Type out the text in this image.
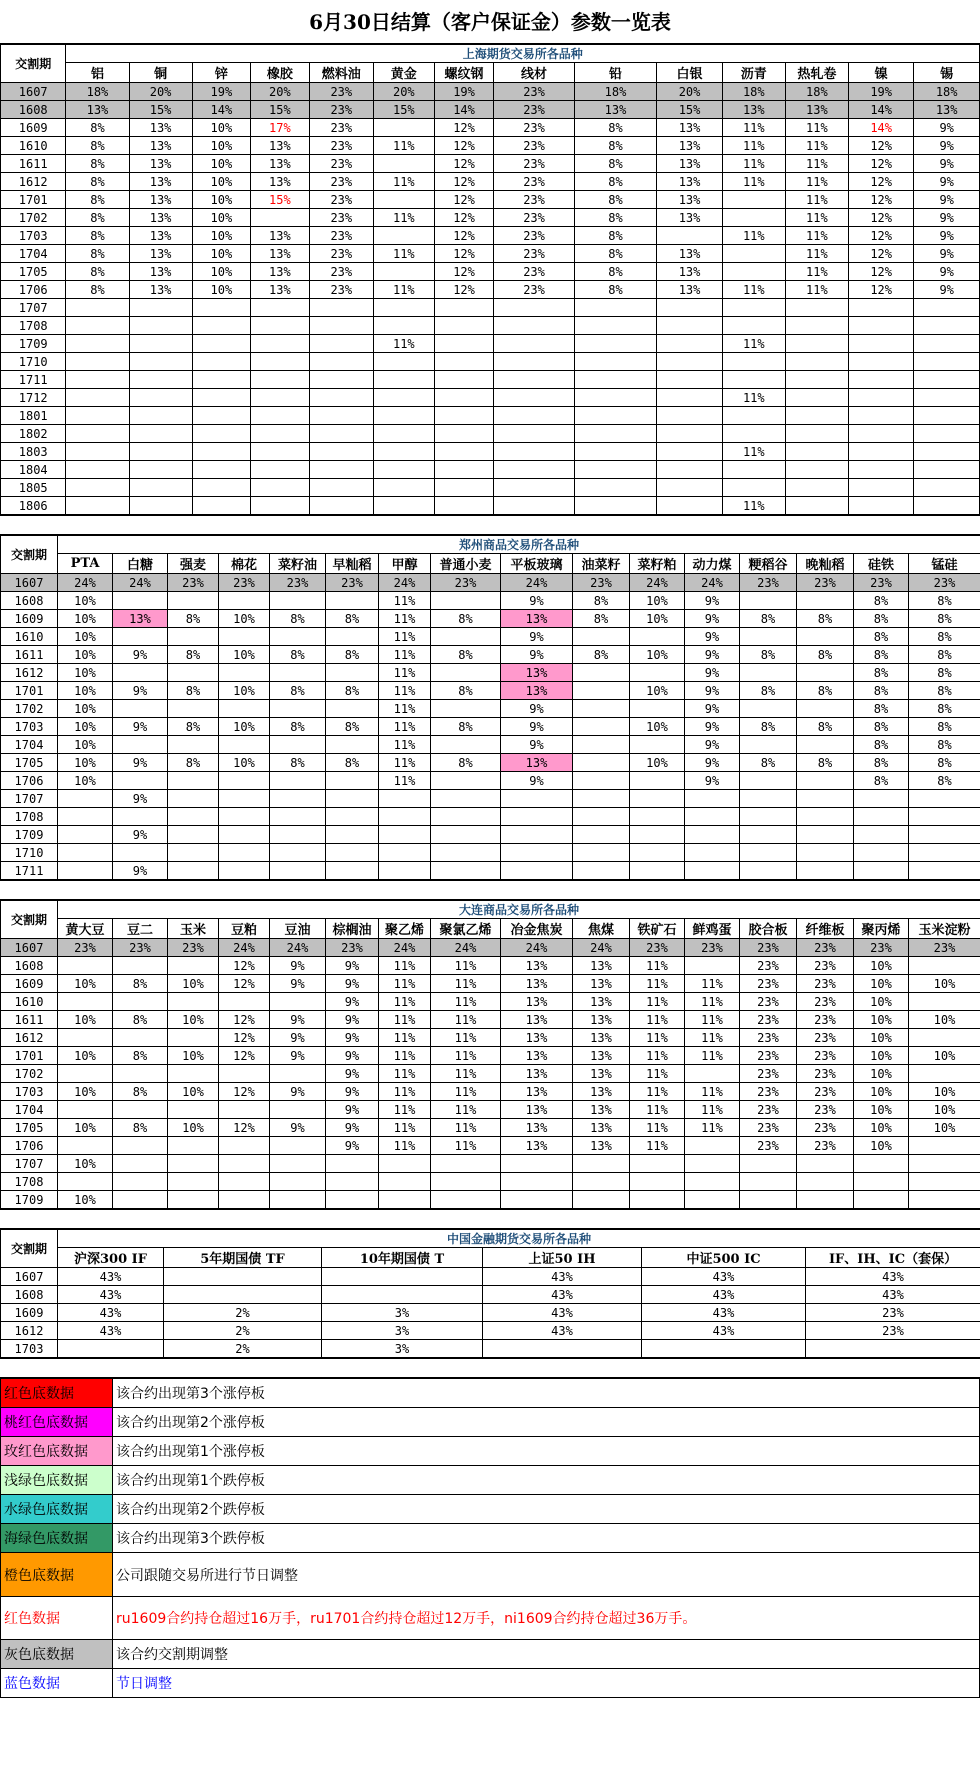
6月30日结算（客户保证金）参数一览表
交割期	上海期货交易所各品种													
	铝	铜	锌	橡胶	燃料油	黄金	螺纹钢	线材	铅	白银	沥青	热轧卷	镍	锡
1607	18%	20%	19%	20%	23%	20%	19%	23%	18%	20%	18%	18%	19%	18%
1608	13%	15%	14%	15%	23%	15%	14%	23%	13%	15%	13%	13%	14%	13%
1609	8%	13%	10%	17%	23%		12%	23%	8%	13%	11%	11%	14%	9%
1610	8%	13%	10%	13%	23%	11%	12%	23%	8%	13%	11%	11%	12%	9%
1611	8%	13%	10%	13%	23%		12%	23%	8%	13%	11%	11%	12%	9%
1612	8%	13%	10%	13%	23%	11%	12%	23%	8%	13%	11%	11%	12%	9%
1701	8%	13%	10%	15%	23%		12%	23%	8%	13%		11%	12%	9%
1702	8%	13%	10%		23%	11%	12%	23%	8%	13%		11%	12%	9%
1703	8%	13%	10%	13%	23%		12%	23%	8%		11%	11%	12%	9%
1704	8%	13%	10%	13%	23%	11%	12%	23%	8%	13%		11%	12%	9%
1705	8%	13%	10%	13%	23%		12%	23%	8%	13%		11%	12%	9%
1706	8%	13%	10%	13%	23%	11%	12%	23%	8%	13%	11%	11%	12%	9%
1707														
1708														
1709						11%					11%			
1710														
1711														
1712											11%			
1801														
1802														
1803											11%			
1804														
1805														
1806											11%			
交割期	郑州商品交易所各品种															
	PTA	白糖	强麦	棉花	菜籽油	早籼稻	甲醇	普通小麦	平板玻璃	油菜籽	菜籽粕	动力煤	粳稻谷	晚籼稻	硅铁	锰硅
1607	24%	24%	23%	23%	23%	23%	24%	23%	24%	23%	24%	24%	23%	23%	23%	23%
1608	10%						11%		9%	8%	10%	9%			8%	8%
1609	10%	13%	8%	10%	8%	8%	11%	8%	13%	8%	10%	9%	8%	8%	8%	8%
1610	10%						11%		9%			9%			8%	8%
1611	10%	9%	8%	10%	8%	8%	11%	8%	9%	8%	10%	9%	8%	8%	8%	8%
1612	10%						11%		13%			9%			8%	8%
1701	10%	9%	8%	10%	8%	8%	11%	8%	13%		10%	9%	8%	8%	8%	8%
1702	10%						11%		9%			9%			8%	8%
1703	10%	9%	8%	10%	8%	8%	11%	8%	9%		10%	9%	8%	8%	8%	8%
1704	10%						11%		9%			9%			8%	8%
1705	10%	9%	8%	10%	8%	8%	11%	8%	13%		10%	9%	8%	8%	8%	8%
1706	10%						11%		9%			9%			8%	8%
1707		9%														
1708																
1709		9%														
1710																
1711		9%														
交割期	大连商品交易所各品种															
	黄大豆	豆二	玉米	豆粕	豆油	棕榈油	聚乙烯	聚氯乙烯	冶金焦炭	焦煤	铁矿石	鲜鸡蛋	胶合板	纤维板	聚丙烯	玉米淀粉
1607	23%	23%	23%	24%	24%	23%	24%	24%	24%	24%	23%	23%	23%	23%	23%	23%
1608				12%	9%	9%	11%	11%	13%	13%	11%		23%	23%	10%	
1609	10%	8%	10%	12%	9%	9%	11%	11%	13%	13%	11%	11%	23%	23%	10%	10%
1610						9%	11%	11%	13%	13%	11%	11%	23%	23%	10%	
1611	10%	8%	10%	12%	9%	9%	11%	11%	13%	13%	11%	11%	23%	23%	10%	10%
1612				12%	9%	9%	11%	11%	13%	13%	11%	11%	23%	23%	10%	
1701	10%	8%	10%	12%	9%	9%	11%	11%	13%	13%	11%	11%	23%	23%	10%	10%
1702						9%	11%	11%	13%	13%	11%		23%	23%	10%	
1703	10%	8%	10%	12%	9%	9%	11%	11%	13%	13%	11%	11%	23%	23%	10%	10%
1704						9%	11%	11%	13%	13%	11%	11%	23%	23%	10%	10%
1705	10%	8%	10%	12%	9%	9%	11%	11%	13%	13%	11%	11%	23%	23%	10%	10%
1706						9%	11%	11%	13%	13%	11%		23%	23%	10%	
1707	10%															
1708																
1709	10%															
交割期	中国金融期货交易所各品种					
	沪深300 IF	5年期国债 TF	10年期国债 T	上证50 IH	中证500 IC	IF、IH、IC（套保）
1607	43%			43%	43%	43%
1608	43%			43%	43%	43%
1609	43%	2%	3%	43%	43%	23%
1612	43%	2%	3%	43%	43%	23%
1703		2%	3%			
红色底数据	该合约出现第3个涨停板
桃红色底数据	该合约出现第2个涨停板
玫红色底数据	该合约出现第1个涨停板
浅绿色底数据	该合约出现第1个跌停板
水绿色底数据	该合约出现第2个跌停板
海绿色底数据	该合约出现第3个跌停板
橙色底数据	公司跟随交易所进行节日调整
红色数据	ru1609合约持仓超过16万手，ru1701合约持仓超过12万手，ni1609合约持仓超过36万手。
灰色底数据	该合约交割期调整
蓝色数据	节日调整
